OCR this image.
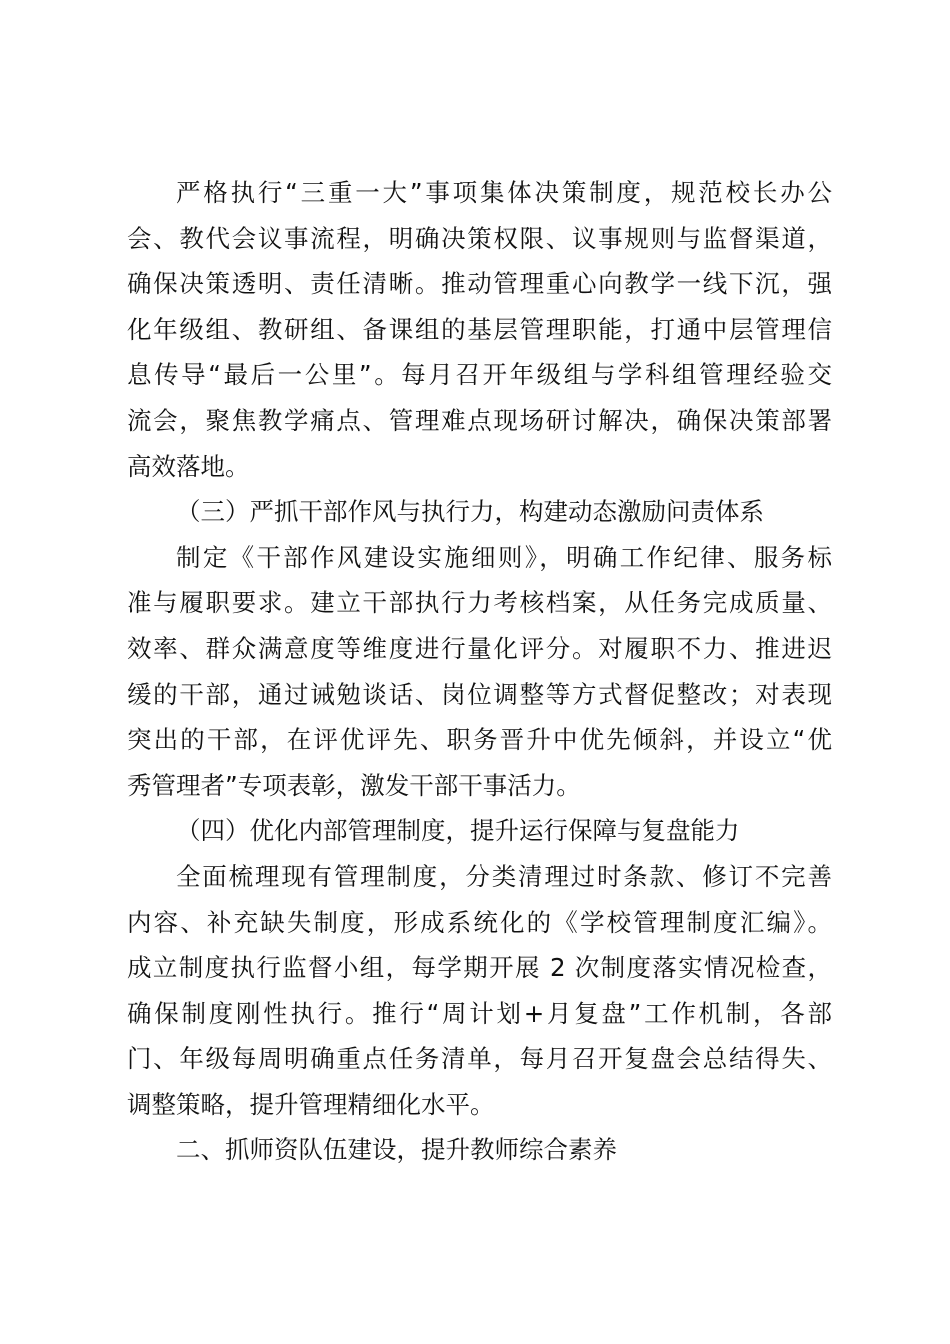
严格执行“三重一大”事项集体决策制度，规范校长办公
会、教代会议事流程，明确决策权限、议事规则与监督渠道，
确保决策透明、责任清晰。推动管理重心向教学一线下沉，强
化年级组、教研组、备课组的基层管理职能，打通中层管理信
息传导“最后一公里”。每月召开年级组与学科组管理经验交
流会，聚焦教学痛点、管理难点现场研讨解决，确保决策部署
高效落地。
（三）严抓干部作风与执行力，构建动态激励问责体系
制定《干部作风建设实施细则》，明确工作纪律、服务标
准与履职要求。建立干部执行力考核档案，从任务完成质量、
效率、群众满意度等维度进行量化评分。对履职不力、推进迟
缓的干部，通过诫勉谈话、岗位调整等方式督促整改；对表现
突出的干部，在评优评先、职务晋升中优先倾斜，并设立“优
秀管理者”专项表彰，激发干部干事活力。
（四）优化内部管理制度，提升运行保障与复盘能力
全面梳理现有管理制度，分类清理过时条款、修订不完善
内容、补充缺失制度，形成系统化的《学校管理制度汇编》。
成立制度执行监督小组，每学期开展 2 次制度落实情况检查，
确保制度刚性执行。推行“周计划+月复盘”工作机制，各部
门、年级每周明确重点任务清单，每月召开复盘会总结得失、
调整策略，提升管理精细化水平。
二、抓师资队伍建设，提升教师综合素养
